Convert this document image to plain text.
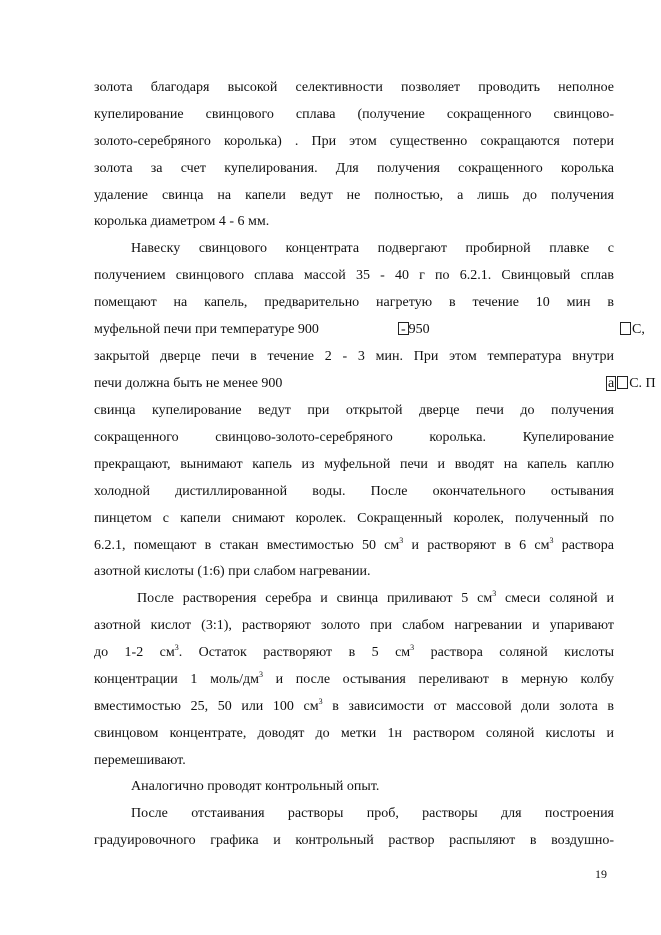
золота благодаря высокой селективности позволяет проводить неполное
купелирование свинцового сплава (получение сокращенного свинцово-
золото-серебряного королька) . При этом существенно сокращаются потери
золота за счет купелирования. Для получения сокращенного королька
удаление свинца на капели ведут не полностью, а лишь до получения
королька диаметром 4 - 6 мм.
Навеску свинцового концентрата подвергают пробирной плавке с
получением свинцового сплава массой 35 - 40 г по 6.2.1. Свинцовый сплав
помещают на капель, предварительно нагретую в течение 10 мин в
муфельной печи при температуре 900	- 950	С,
закрытой дверце печи в течение 2 - 3 мин. При этом температура внутри
печи должна быть не менее 900	а С. П
свинца купелирование ведут при открытой дверце печи до получения
сокращенного свинцово-золото-серебряного королька. Купелирование
прекращают, вынимают капель из муфельной печи и вводят на капель каплю
холодной дистиллированной воды. После окончательного остывания
пинцетом с капели снимают королек. Сокращенный королек, полученный по
6.2.1, помещают в стакан вместимостью 50 $см^3$ и растворяют в 6 $см^3$ раствора
азотной кислоты (1:6) при слабом нагревании.
После растворения серебра и свинца приливают 5 $см^3$ смеси соляной и
азотной кислот (3:1), растворяют золото при слабом нагревании и упаривают
до 1-2 $см^3$. Остаток растворяют в 5 $см^3$ раствора соляной кислоты
концентрации 1 моль/$дм^3$ и после остывания переливают в мерную колбу
вместимостью 25, 50 или 100 $см^3$ в зависимости от массовой доли золота в
свинцовом концентрате, доводят до метки 1н раствором соляной кислоты и
перемешивают.
Аналогично проводят контрольный опыт.
После отстаивания растворы проб, растворы для построения
градуировочного графика и контрольный раствор распыляют в воздушно-
19
